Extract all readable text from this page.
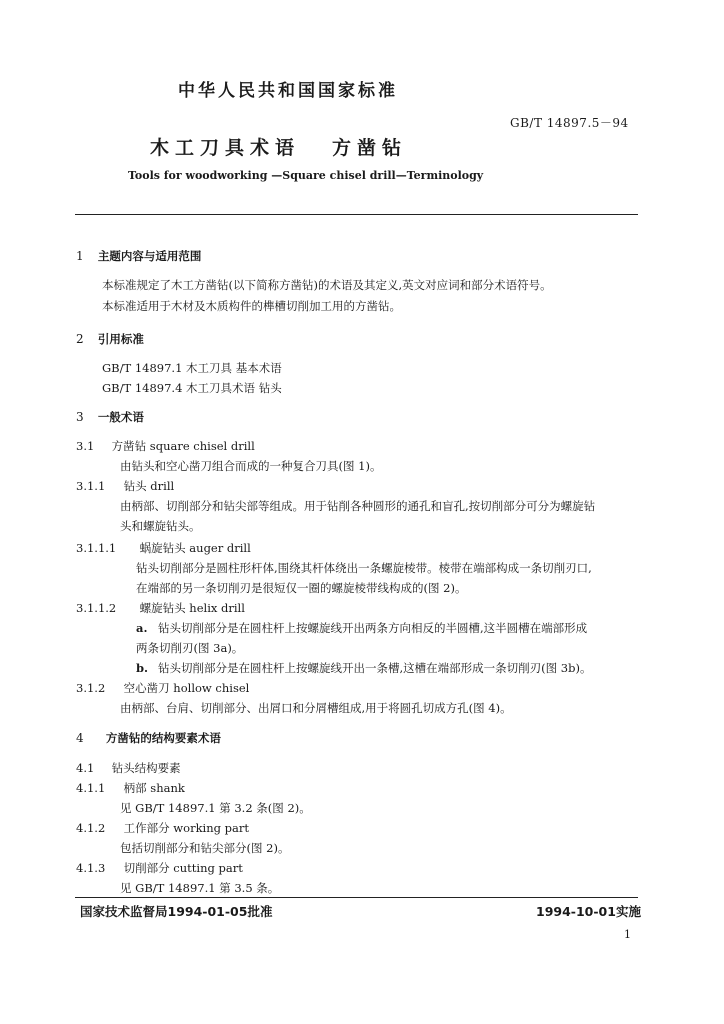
中华人民共和国国家标准
GB/T 14897.5－94
木工刀具术语 方凿钻
Tools for woodworking —Square chisel drill—Terminology
1 主题内容与适用范围
本标准规定了木工方凿钻(以下简称方凿钻)的术语及其定义,英文对应词和部分术语符号。
本标准适用于木材及木质构件的榫槽切削加工用的方凿钻。
2 引用标准
GB/T 14897.1 木工刀具 基本术语
GB/T 14897.4 木工刀具术语 钻头
3 一般术语
3.1 方凿钻 square chisel drill
由钻头和空心凿刀组合而成的一种复合刀具(图 1)。
3.1.1 钻头 drill
由柄部、切削部分和钻尖部等组成。用于钻削各种圆形的通孔和盲孔,按切削部分可分为螺旋钻
头和螺旋钻头。
3.1.1.1 蜗旋钻头 auger drill
钻头切削部分是圆柱形杆体,围绕其杆体绕出一条螺旋棱带。棱带在端部构成一条切削刃口,
在端部的另一条切削刃是很短仅一圈的螺旋棱带线构成的(图 2)。
3.1.1.2 螺旋钻头 helix drill
a. 钻头切削部分是在圆柱杆上按螺旋线开出两条方向相反的半圆槽,这半圆槽在端部形成
两条切削刃(图 3a)。
b. 钻头切削部分是在圆柱杆上按螺旋线开出一条槽,这槽在端部形成一条切削刃(图 3b)。
3.1.2 空心凿刀 hollow chisel
由柄部、台肩、切削部分、出屑口和分屑槽组成,用于将圆孔切成方孔(图 4)。
4 方凿钻的结构要素术语
4.1 钻头结构要素
4.1.1 柄部 shank
见 GB/T 14897.1 第 3.2 条(图 2)。
4.1.2 工作部分 working part
包括切削部分和钻尖部分(图 2)。
4.1.3 切削部分 cutting part
见 GB/T 14897.1 第 3.5 条。
国家技术监督局1994-01-05批准	1994-10-01实施
1
